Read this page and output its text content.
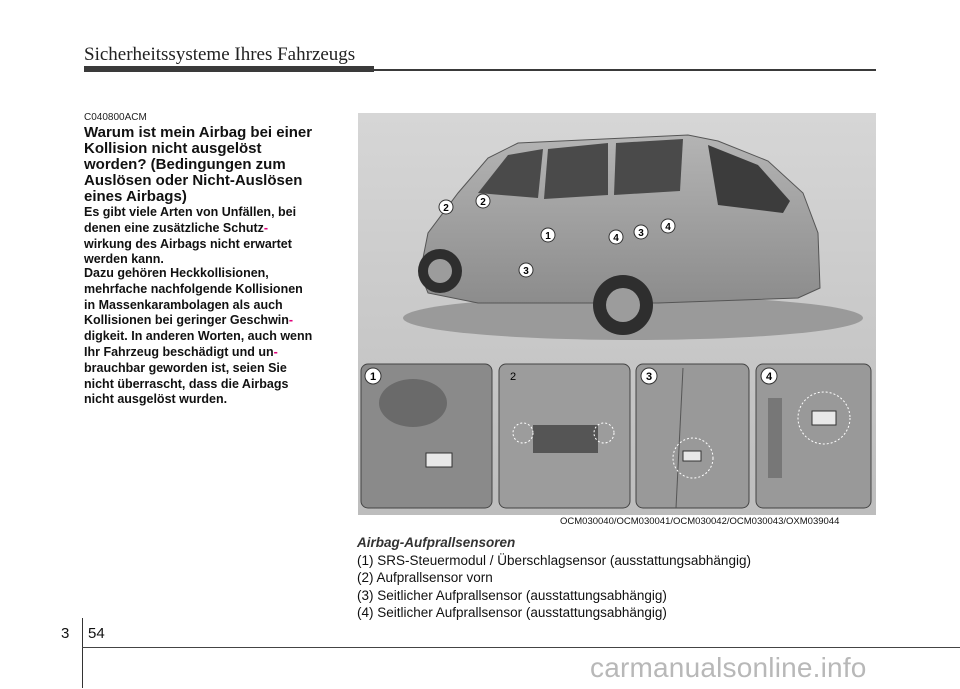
Sicherheitssysteme Ihres Fahrzeugs
C040800ACM
Warum ist mein Airbag bei einer
Kollision nicht ausgelöst
worden? (Bedingungen zum
Auslösen oder Nicht-Auslösen
eines Airbags)
Es gibt viele Arten von Unfällen, bei
denen eine zusätzliche Schutz-
wirkung des Airbags nicht erwartet
werden kann.
Dazu gehören Heckkollisionen,
mehrfache nachfolgende Kollisionen
in Massenkarambolagen als auch
Kollisionen bei geringer Geschwin-
digkeit. In anderen Worten, auch wenn
Ihr Fahrzeug beschädigt und un-
brauchbar geworden ist, seien Sie
nicht überrascht, dass die Airbags
nicht ausgelöst wurden.
2
2
1	4 3
4
3
1	2	3	4
OCM030040/OCM030041/OCM030042/OCM030043/OXM039044
Airbag-Aufprallsensoren
(1) SRS-Steuermodul / Überschlagsensor (ausstattungsabhängig)
(2) Aufprallsensor vorn
(3) Seitlicher Aufprallsensor (ausstattungsabhängig)
(4) Seitlicher Aufprallsensor (ausstattungsabhängig)
3 54
carmanualsonline.info
